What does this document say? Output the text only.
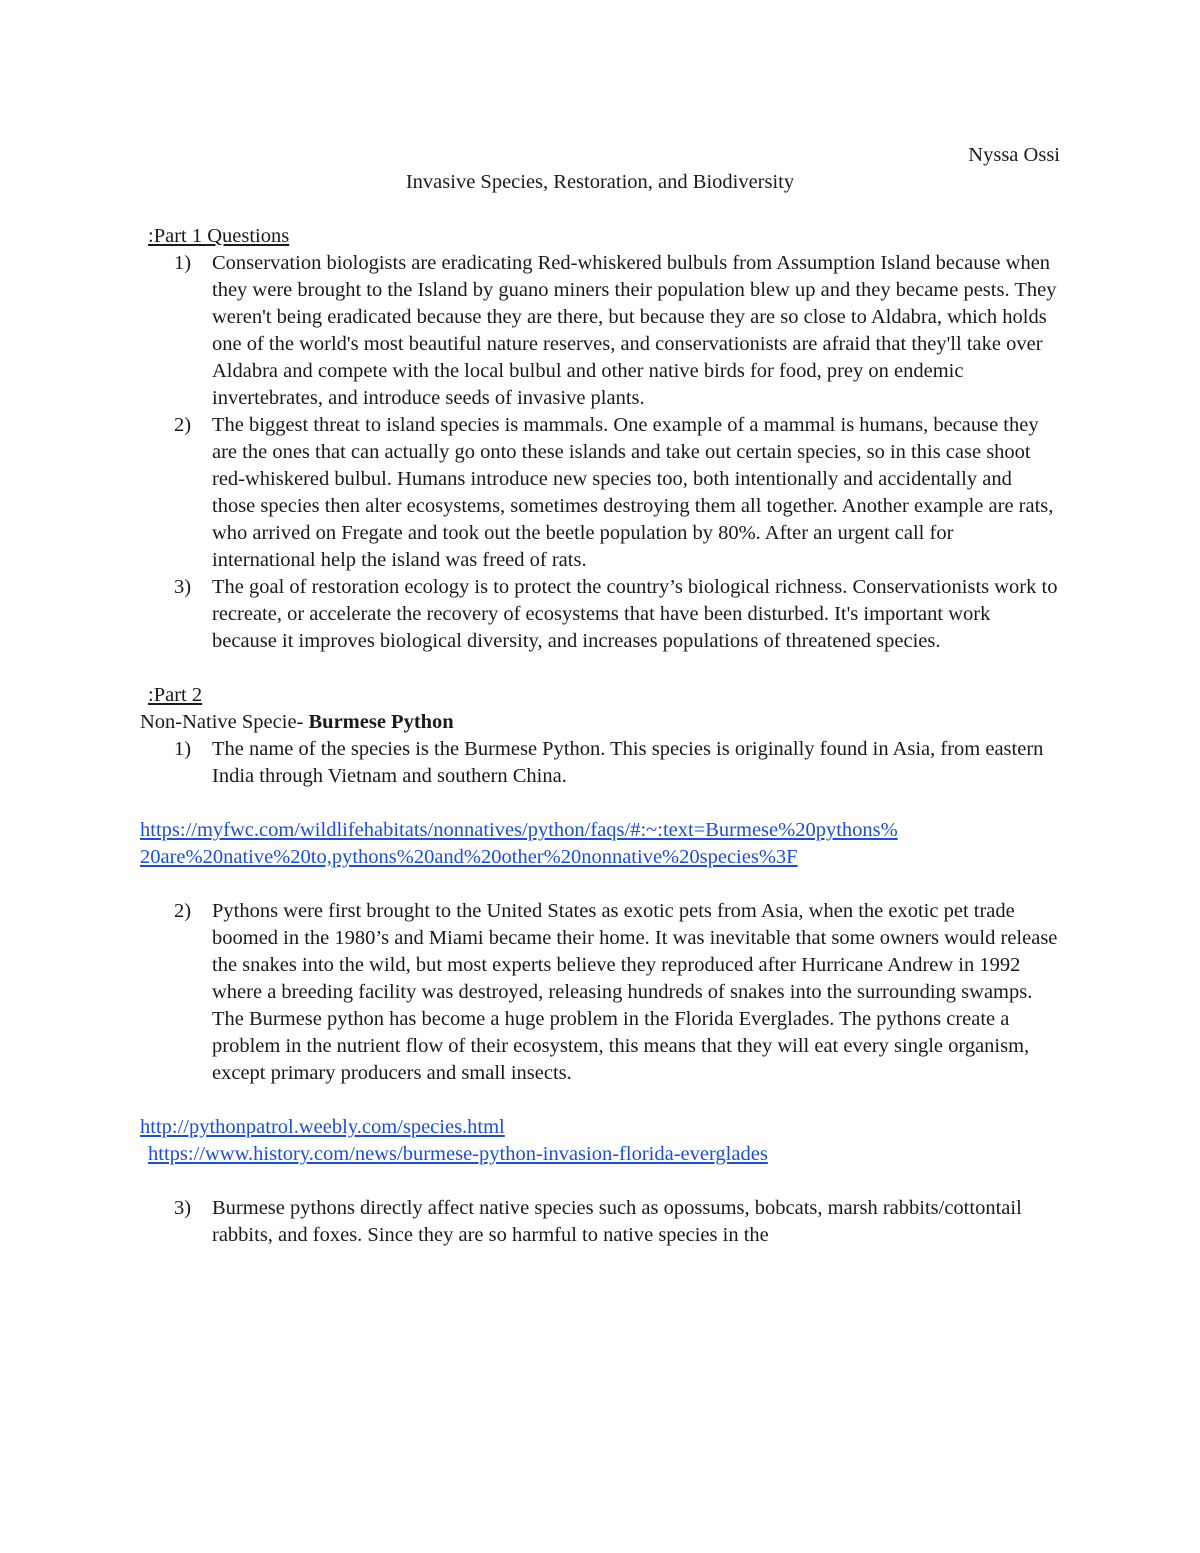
Nyssa Ossi

Invasive Species, Restoration, and Biodiversity

:Part 1 Questions

1)	Conservation biologists are eradicating Red-whiskered bulbuls from Assumption Island because when they were brought to the Island by guano miners their population blew up and they became pests. They weren't being eradicated because they are there, but because they are so close to Aldabra, which holds one of the world's most beautiful nature reserves, and conservationists are afraid that they'll take over Aldabra and compete with the local bulbul and other native birds for food, prey on endemic invertebrates, and introduce seeds of invasive plants.
2)	The biggest threat to island species is mammals. One example of a mammal is humans, because they are the ones that can actually go onto these islands and take out certain species, so in this case shoot red-whiskered bulbul. Humans introduce new species too, both intentionally and accidentally and those species then alter ecosystems, sometimes destroying them all together. Another example are rats, who arrived on Fregate and took out the beetle population by 80%. After an urgent call for international help the island was freed of rats.
3)	The goal of restoration ecology is to protect the country’s biological richness. Conservationists work to recreate, or accelerate the recovery of ecosystems that have been disturbed. It's important work because it improves biological diversity, and increases populations of threatened species.

:Part 2

Non-Native Specie- Burmese Python

1)	The name of the species is the Burmese Python. This species is originally found in Asia, from eastern India through Vietnam and southern China.
https://myfwc.com/wildlifehabitats/nonnatives/python/faqs/#:~:text=Burmese%20pythons%20are%20native%20to,pythons%20and%20other%20nonnative%20species%3F
2)	Pythons were first brought to the United States as exotic pets from Asia, when the exotic pet trade boomed in the 1980’s and Miami became their home. It was inevitable that some owners would release the snakes into the wild, but most experts believe they reproduced after Hurricane Andrew in 1992 where a breeding facility was destroyed, releasing hundreds of snakes into the surrounding swamps. The Burmese python has become a huge problem in the Florida Everglades. The pythons create a problem in the nutrient flow of their ecosystem, this means that they will eat every single organism, except primary producers and small insects.
http://pythonpatrol.weebly.com/species.html
https://www.history.com/news/burmese-python-invasion-florida-everglades
3)	Burmese pythons directly affect native species such as opossums, bobcats, marsh rabbits/cottontail rabbits, and foxes. Since they are so harmful to native species in the
